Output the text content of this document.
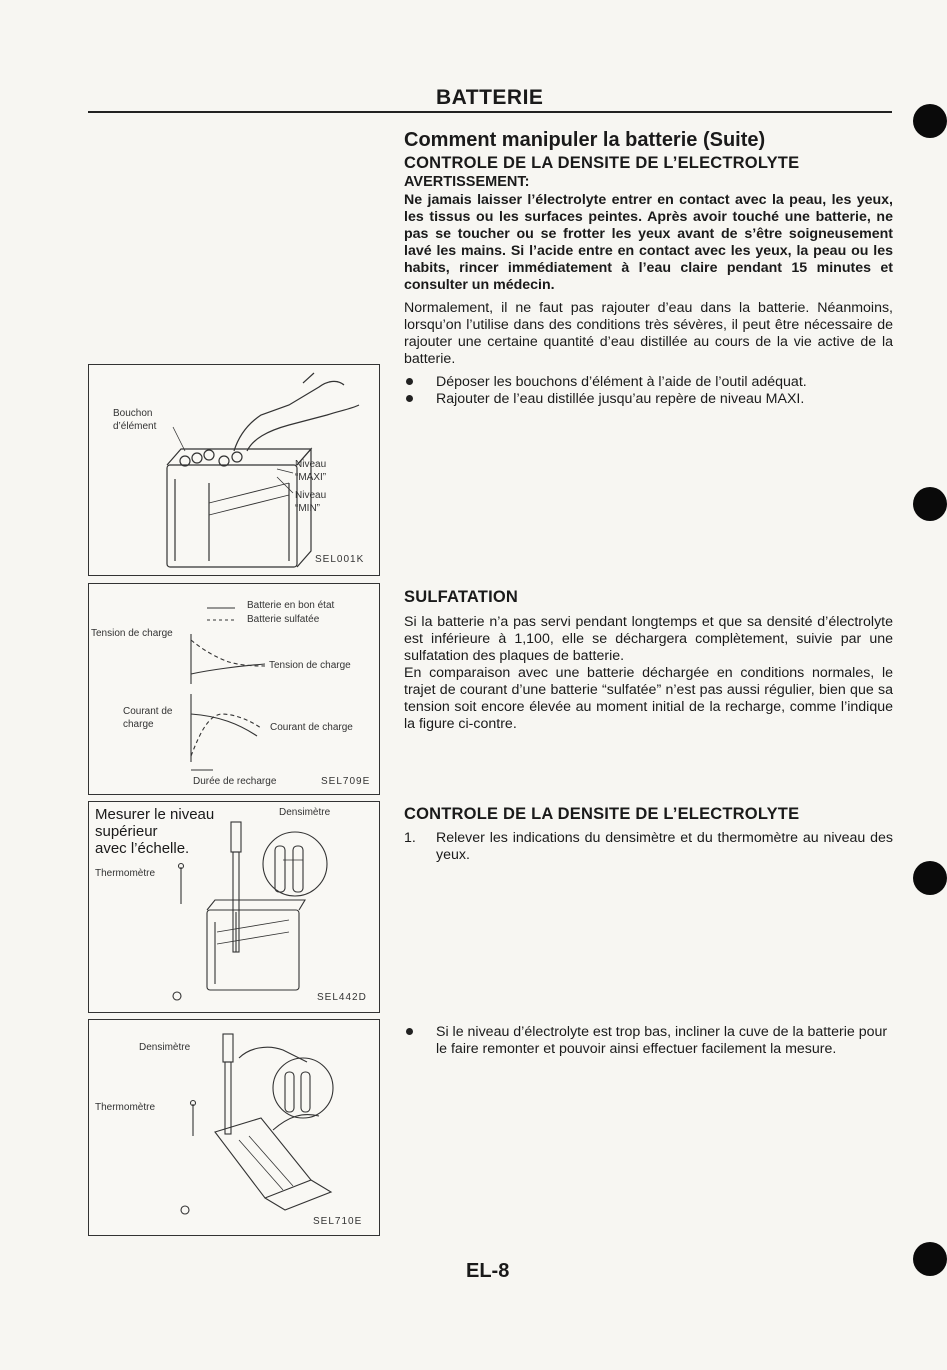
BATTERIE
Comment manipuler la batterie (Suite)
CONTROLE DE LA DENSITE DE L’ELECTROLYTE
AVERTISSEMENT:
Ne jamais laisser l’électrolyte entrer en contact avec la peau, les yeux, les tissus ou les surfaces peintes. Après avoir touché une batterie, ne pas se toucher ou se frotter les yeux avant de s’être soigneusement lavé les mains. Si l’acide entre en contact avec les yeux, la peau ou les habits, rincer immédiatement à l’eau claire pendant 15 minutes et consulter un médecin.
Normalement, il ne faut pas rajouter d’eau dans la batterie. Néanmoins, lorsqu’on l’utilise dans des conditions très sévères, il peut être nécessaire de rajouter une certaine quantité d’eau distillée au cours de la vie active de la batterie.
Déposer les bouchons d’élément à l’aide de l’outil adéquat.
Rajouter de l’eau distillée jusqu’au repère de niveau MAXI.
SULFATATION
Si la batterie n’a pas servi pendant longtemps et que sa densité d’électrolyte est inférieure à 1,100, elle se déchargera complètement, suivie par une sulfatation des plaques de batterie.
En comparaison avec une batterie déchargée en conditions normales, le trajet de courant d’une batterie “sulfatée” n’est pas aussi régulier, bien que sa tension soit encore élevée au moment initial de la recharge, comme l’indique la figure ci-contre.
CONTROLE DE LA DENSITE DE L’ELECTROLYTE
1. Relever les indications du densimètre et du thermomètre au niveau des yeux.
Si le niveau d’électrolyte est trop bas, incliner la cuve de la batterie pour le faire remonter et pouvoir ainsi effectuer facilement la mesure.
Bouchon
d’élément
Niveau
“MAXI”
Niveau
“MIN”
SEL001K
Batterie en bon état
Batterie sulfatée
Tension de charge
Tension de charge
Courant de
charge	Courant de charge
Durée de recharge	SEL709E
Mesurer le niveau
supérieur
avec l’échelle.
Densimètre
Thermomètre
SEL442D
Densimètre
Thermomètre
SEL710E
EL-8
